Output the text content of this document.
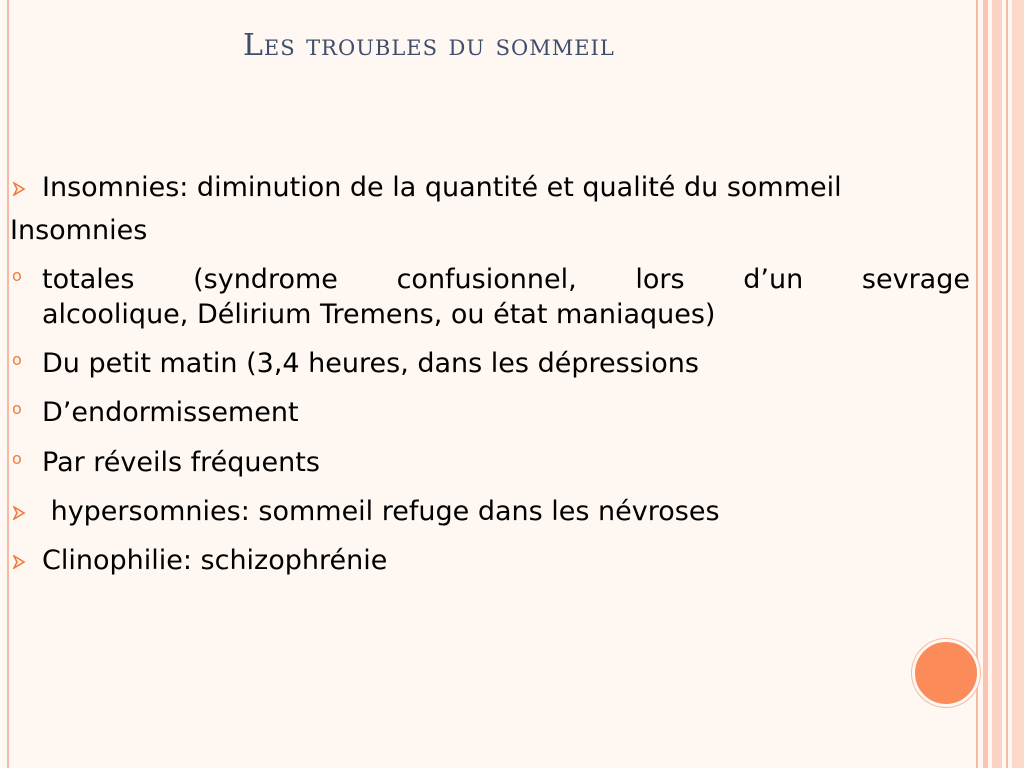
Les troubles du sommeil
Insomnies: diminution de la quantité et qualité du sommeil
Insomnies
o totales (syndrome confusionnel, lors d’un sevrage
alcoolique, Délirium Tremens, ou état maniaques)
o Du petit matin (3,4 heures, dans les dépressions
o D’endormissement
o Par réveils fréquents
hypersomnies: sommeil refuge dans les névroses
Clinophilie: schizophrénie
